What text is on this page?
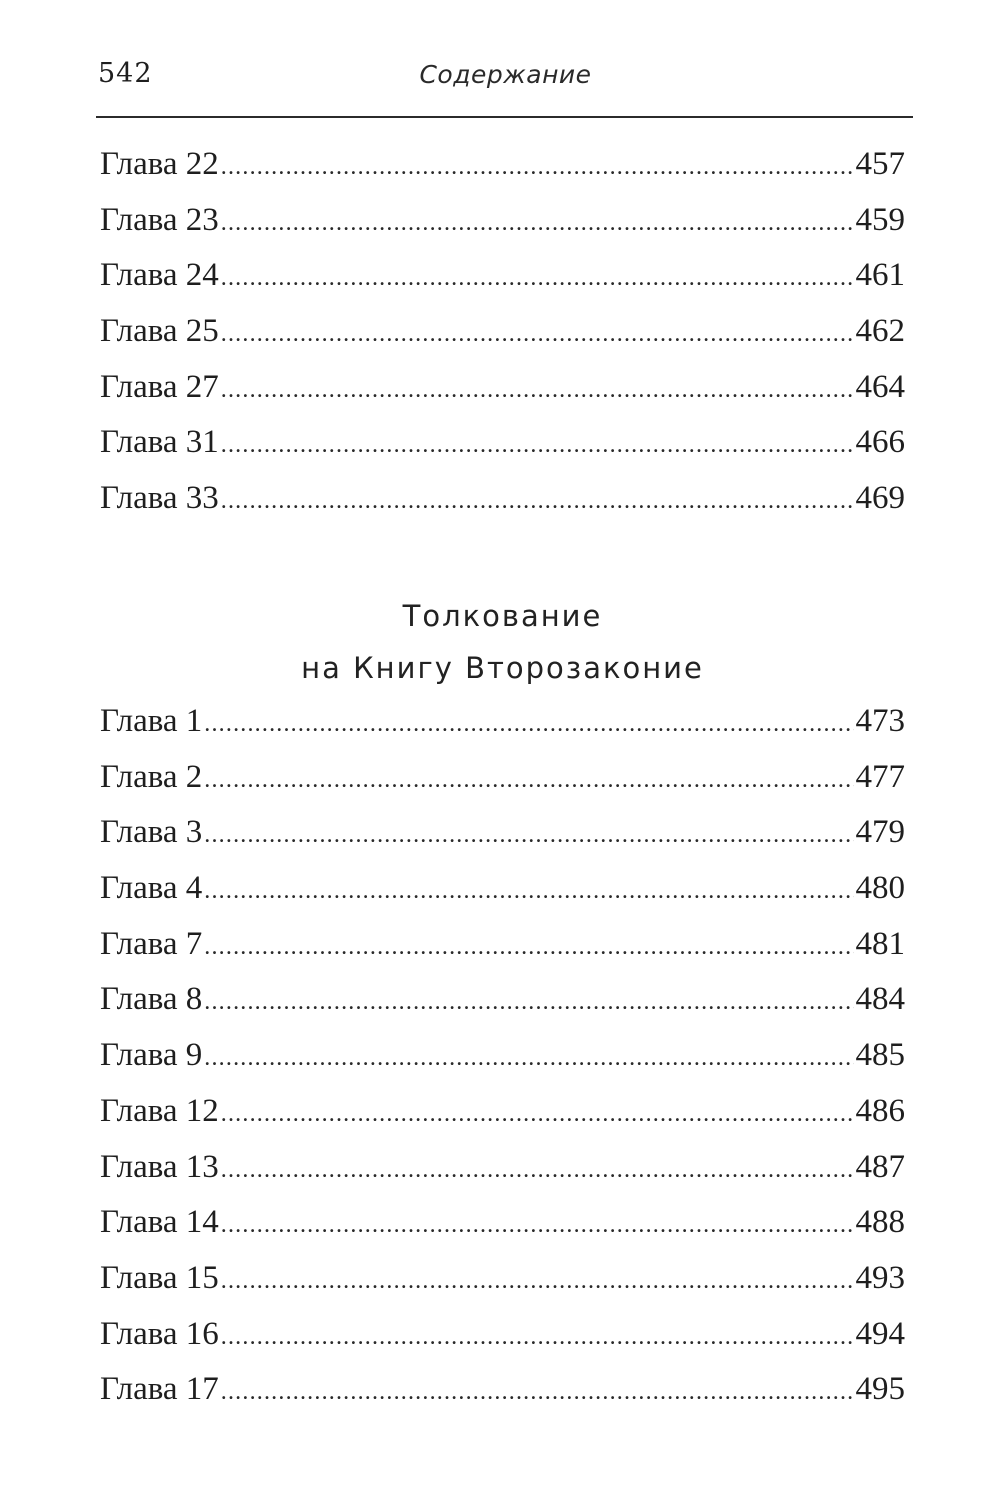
542	Содержание
Глава 22 .....	457
Глава 23 .....	459
Глава 24 .....	461
Глава 25 .....	462
Глава 27 .....	464
Глава 31 .....	466
Глава 33 .....	469
Толкование
на Книгу Второзаконие
Глава 1 .....	473
Глава 2 .....	477
Глава 3 .....	479
Глава 4 .....	480
Глава 7 .....	481
Глава 8 .....	484
Глава 9 .....	485
Глава 12 .....	486
Глава 13 .....	487
Глава 14 .....	488
Глава 15 .....	493
Глава 16 .....	494
Глава 17 .....	495
